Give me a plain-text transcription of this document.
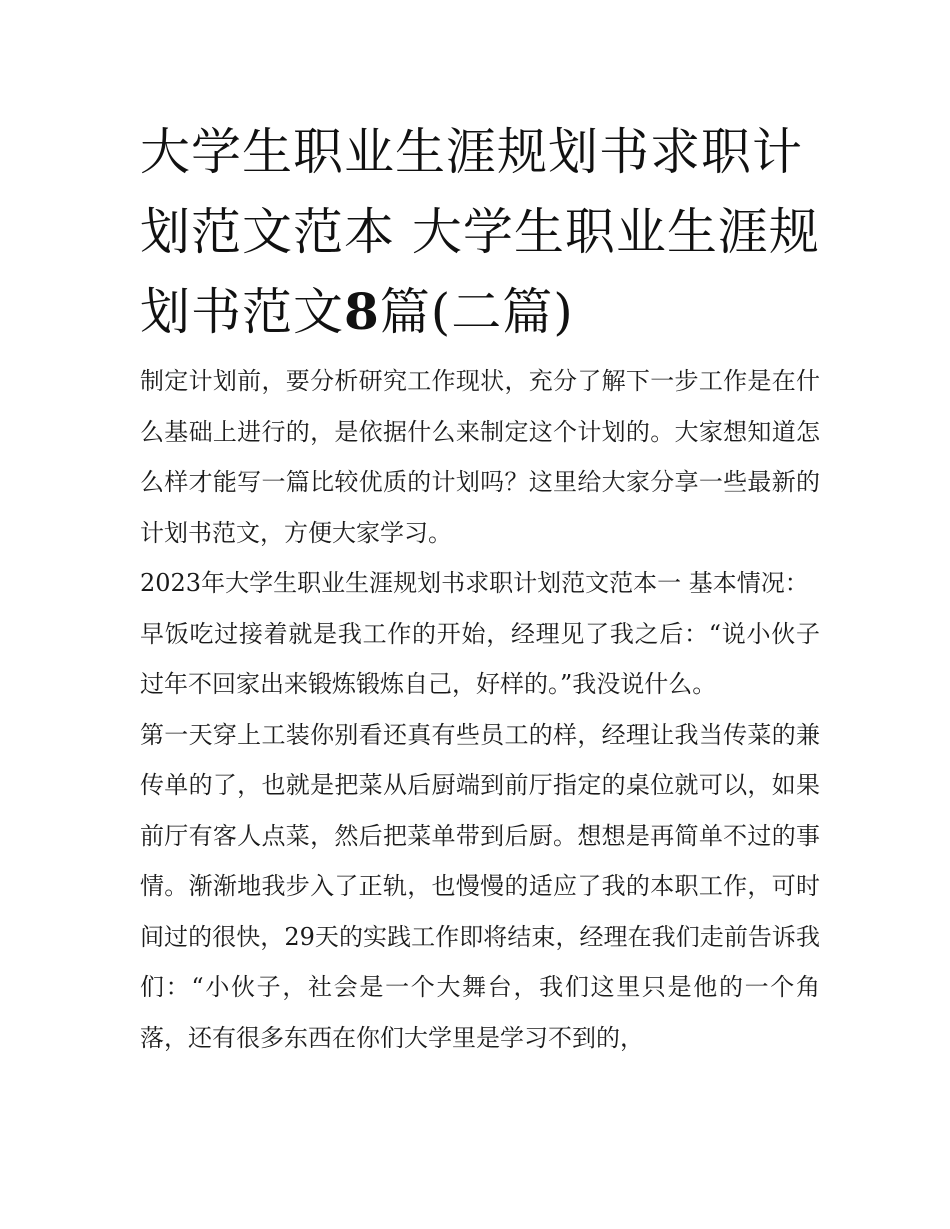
大学生职业生涯规划书求职计划范文范本 大学生职业生涯规划书范文8篇(二篇)

制定计划前，要分析研究工作现状，充分了解下一步工作是在什么基础上进行的，是依据什么来制定这个计划的。大家想知道怎么样才能写一篇比较优质的计划吗？这里给大家分享一些最新的计划书范文，方便大家学习。

2023年大学生职业生涯规划书求职计划范文范本一 基本情况：

早饭吃过接着就是我工作的开始，经理见了我之后：“说小伙子过年不回家出来锻炼锻炼自己，好样的。”我没说什么。

第一天穿上工装你别看还真有些员工的样，经理让我当传菜的兼传单的了，也就是把菜从后厨端到前厅指定的桌位就可以，如果前厅有客人点菜，然后把菜单带到后厨。想想是再简单不过的事情。渐渐地我步入了正轨，也慢慢的适应了我的本职工作，可时间过的很快，29天的实践工作即将结束，经理在我们走前告诉我们：“小伙子，社会是一个大舞台，我们这里只是他的一个角落，还有很多东西在你们大学里是学习不到的，
